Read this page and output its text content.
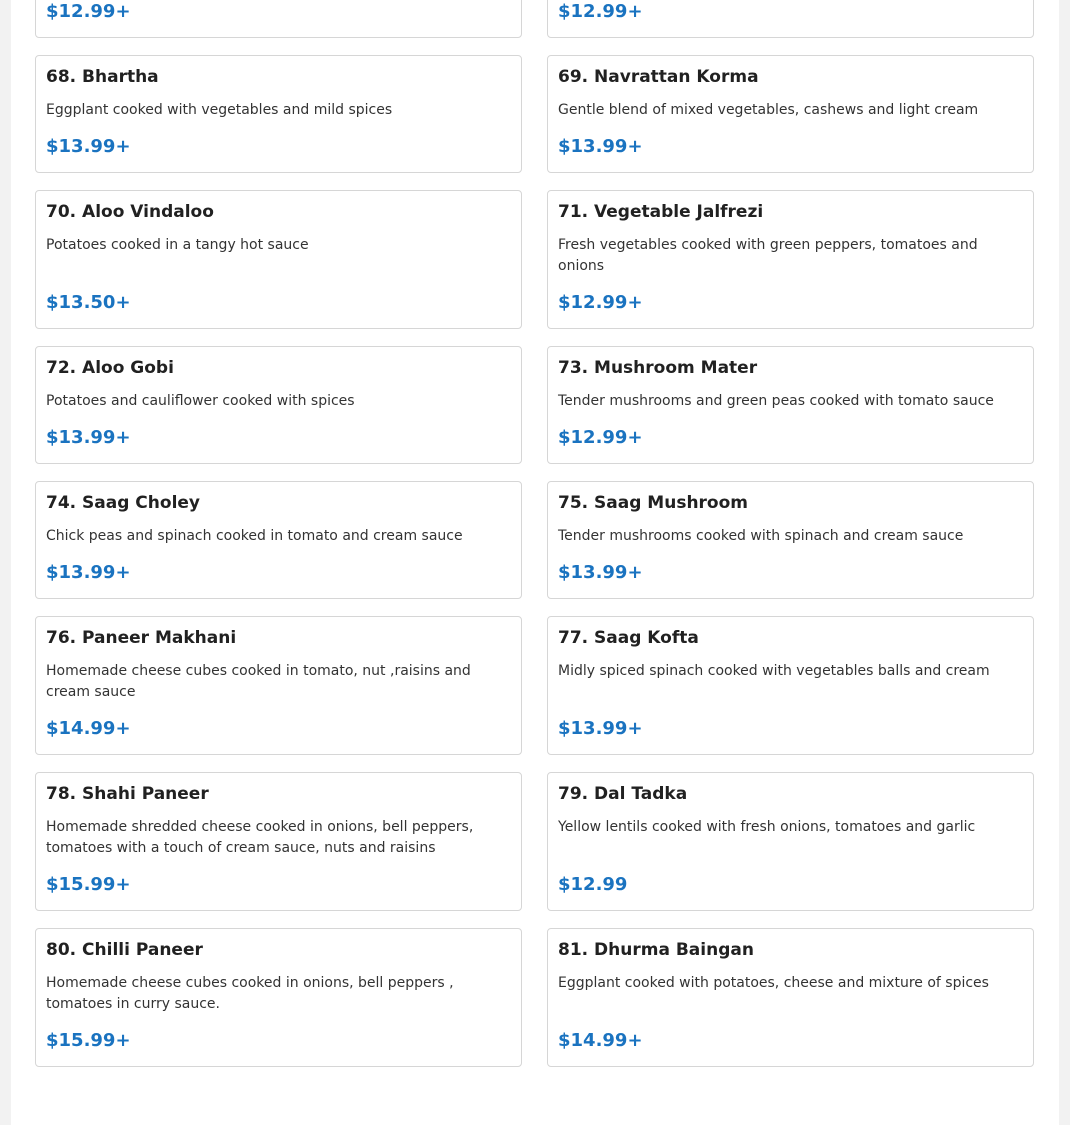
$12.99+	$12.99+
68. Bhartha
Eggplant cooked with vegetables and mild spices
$13.99+
69. Navrattan Korma
Gentle blend of mixed vegetables, cashews and light cream
$13.99+
70. Aloo Vindaloo
Potatoes cooked in a tangy hot sauce
$13.50+
71. Vegetable Jalfrezi
Fresh vegetables cooked with green peppers, tomatoes and onions
$12.99+
72. Aloo Gobi
Potatoes and cauliflower cooked with spices
$13.99+
73. Mushroom Mater
Tender mushrooms and green peas cooked with tomato sauce
$12.99+
74. Saag Choley
Chick peas and spinach cooked in tomato and cream sauce
$13.99+
75. Saag Mushroom
Tender mushrooms cooked with spinach and cream sauce
$13.99+
76. Paneer Makhani
Homemade cheese cubes cooked in tomato, nut ,raisins and cream sauce
$14.99+
77. Saag Kofta
Midly spiced spinach cooked with vegetables balls and cream
$13.99+
78. Shahi Paneer
Homemade shredded cheese cooked in onions, bell peppers, tomatoes with a touch of cream sauce, nuts and raisins
$15.99+
79. Dal Tadka
Yellow lentils cooked with fresh onions, tomatoes and garlic
$12.99
80. Chilli Paneer
Homemade cheese cubes cooked in onions, bell peppers , tomatoes in curry sauce.
$15.99+
81. Dhurma Baingan
Eggplant cooked with potatoes, cheese and mixture of spices
$14.99+
